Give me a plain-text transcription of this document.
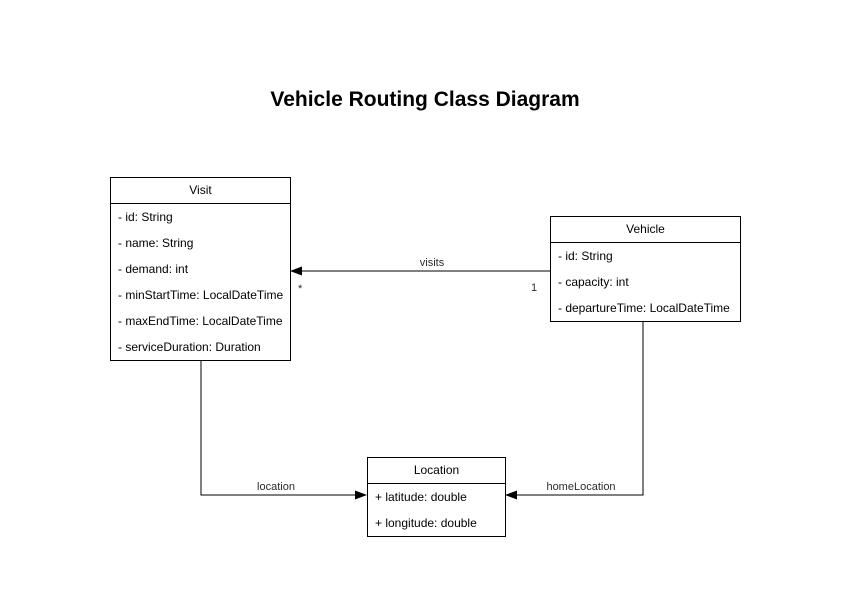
Vehicle Routing Class Diagram
Visit
- id: String
- name: String
- demand: int
- minStartTime: LocalDateTime
- maxEndTime: LocalDateTime
- serviceDuration: Duration
Vehicle
- id: String
- capacity: int
- departureTime: LocalDateTime
Location
+ latitude: double
+ longitude: double
visits
location	homeLocation
*	1
